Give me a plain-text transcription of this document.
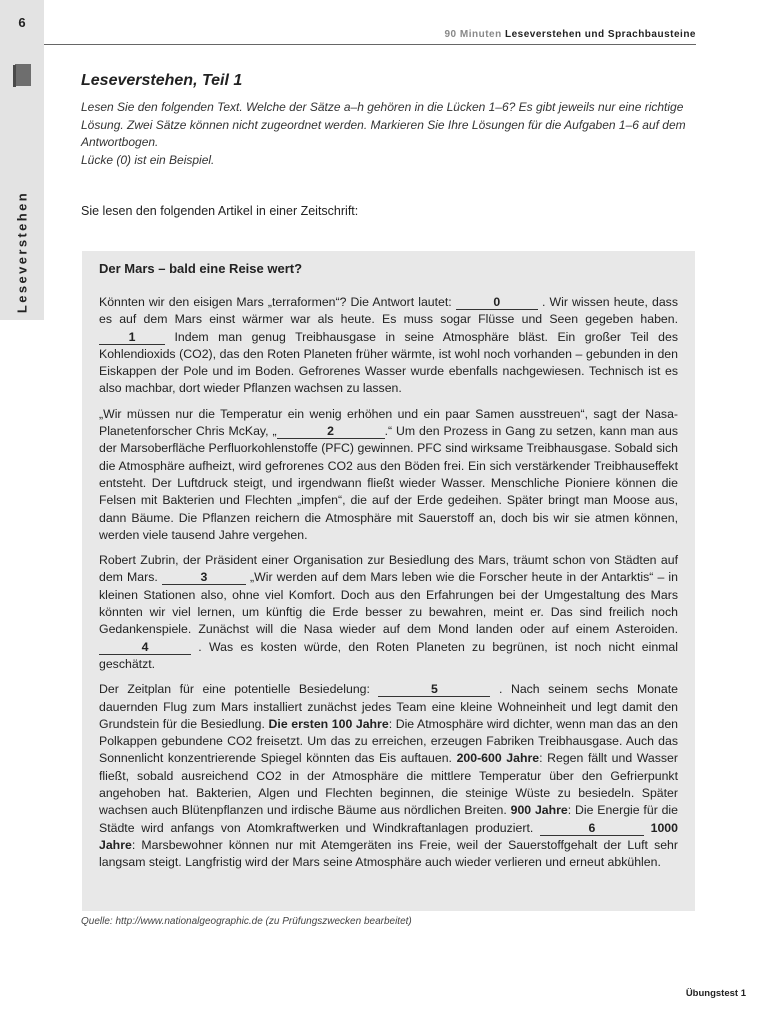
6
Leseverstehen
90 Minuten Leseverstehen und Sprachbausteine
Leseverstehen, Teil 1
Lesen Sie den folgenden Text. Welche der Sätze a–h gehören in die Lücken 1–6? Es gibt jeweils nur eine richtige Lösung. Zwei Sätze können nicht zugeordnet werden. Markieren Sie Ihre Lösungen für die Aufgaben 1–6 auf dem Antwortbogen.
Lücke (0) ist ein Beispiel.
Sie lesen den folgenden Artikel in einer Zeitschrift:
Der Mars – bald eine Reise wert?

Könnten wir den eisigen Mars „terraformen“? Die Antwort lautet:	0	. Wir wissen heute, dass es auf dem Mars einst wärmer war als heute. Es muss sogar Flüsse und Seen gegeben haben. 1	Indem man genug Treibhausgase in seine Atmosphäre bläst. Ein großer Teil des Kohlendioxids (CO2), das den Roten Planeten früher wärmte, ist wohl noch vorhanden – gebunden in den Eiskappen der Pole und im Boden. Gefrorenes Wasser wurde ebenfalls nachgewiesen. Technisch ist es also machbar, dort wieder Pflanzen wachsen zu lassen.

„Wir müssen nur die Temperatur ein wenig erhöhen und ein paar Samen ausstreuen“, sagt der Nasa-Planetenforscher Chris McKay, „	2	.“ Um den Prozess in Gang zu setzen, kann man aus der Marsoberfläche Perfluorkohlenstoffe (PFC) gewinnen. PFC sind wirksame Treibhausgase. Sobald sich die Atmosphäre aufheizt, wird gefrorenes CO2 aus den Böden frei. Ein sich verstärkender Treibhauseffekt entsteht. Der Luftdruck steigt, und irgendwann fließt wieder Wasser. Menschliche Pioniere können die Felsen mit Bakterien und Flechten „impfen“, die auf der Erde gedeihen. Später bringt man Moose aus, dann Bäume. Die Pflanzen reichern die Atmosphäre mit Sauerstoff an, doch bis wir sie atmen können, werden viele tausend Jahre vergehen.

Robert Zubrin, der Präsident einer Organisation zur Besiedlung des Mars, träumt schon von Städten auf dem Mars.	3	„Wir werden auf dem Mars leben wie die Forscher heute in der Antarktis“ – in kleinen Stationen also, ohne viel Komfort. Doch aus den Erfahrungen bei der Umgestaltung des Mars könnten wir viel lernen, um künftig die Erde besser zu bewahren, meint er. Das sind freilich noch Gedankenspiele. Zunächst will die Nasa wieder auf dem Mond landen oder auf einem Asteroiden. 4	. Was es kosten würde, den Roten Planeten zu begrünen, ist noch nicht einmal geschätzt.

Der Zeitplan für eine potentielle Besiedelung:	5	. Nach seinem sechs Monate dauernden Flug zum Mars installiert zunächst jedes Team eine kleine Wohneinheit und legt damit den Grundstein für die Besiedlung. Die ersten 100 Jahre: Die Atmosphäre wird dichter, wenn man das an den Polkappen gebundene CO2 freisetzt. Um das zu erreichen, erzeugen Fabriken Treibhausgase. Auch das Sonnenlicht konzentrierende Spiegel könnten das Eis auftauen. 200-600 Jahre: Regen fällt und Wasser fließt, sobald ausreichend CO2 in der Atmosphäre die mittlere Temperatur über den Gefrierpunkt angehoben hat. Bakterien, Algen und Flechten beginnen, die steinige Wüste zu besiedeln. Später wachsen auch Blütenpflanzen und irdische Bäume aus nördlichen Breiten. 900 Jahre: Die Energie für die Städte wird anfangs von Atomkraftwerken und Windkraftanlagen produziert.	6	1000 Jahre: Marsbewohner können nur mit Atemgeräten ins Freie, weil der Sauerstoffgehalt der Luft sehr langsam steigt. Langfristig wird der Mars seine Atmosphäre auch wieder verlieren und erneut abkühlen.

Quelle: http://www.nationalgeographic.de (zu Prüfungszwecken bearbeitet)
Übungstest 1
